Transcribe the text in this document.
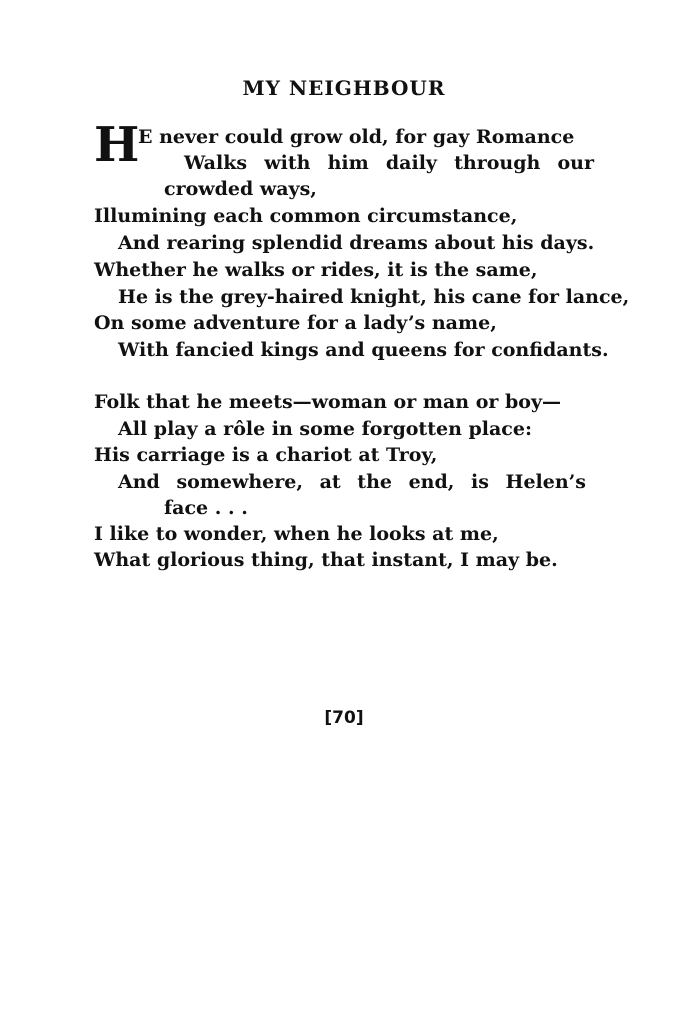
MY NEIGHBOUR
H
E never could grow old, for gay Romance
Walks with him daily through our
crowded ways,
Illumining each common circumstance,
And rearing splendid dreams about his days.
Whether he walks or rides, it is the same,
He is the grey-haired knight, his cane for lance,
On some adventure for a lady’s name,
With fancied kings and queens for confidants.
Folk that he meets—woman or man or boy—
All play a rôle in some forgotten place:
His carriage is a chariot at Troy,
And somewhere, at the end, is Helen’s
face . . .
I like to wonder, when he looks at me,
What glorious thing, that instant, I may be.
[70]
